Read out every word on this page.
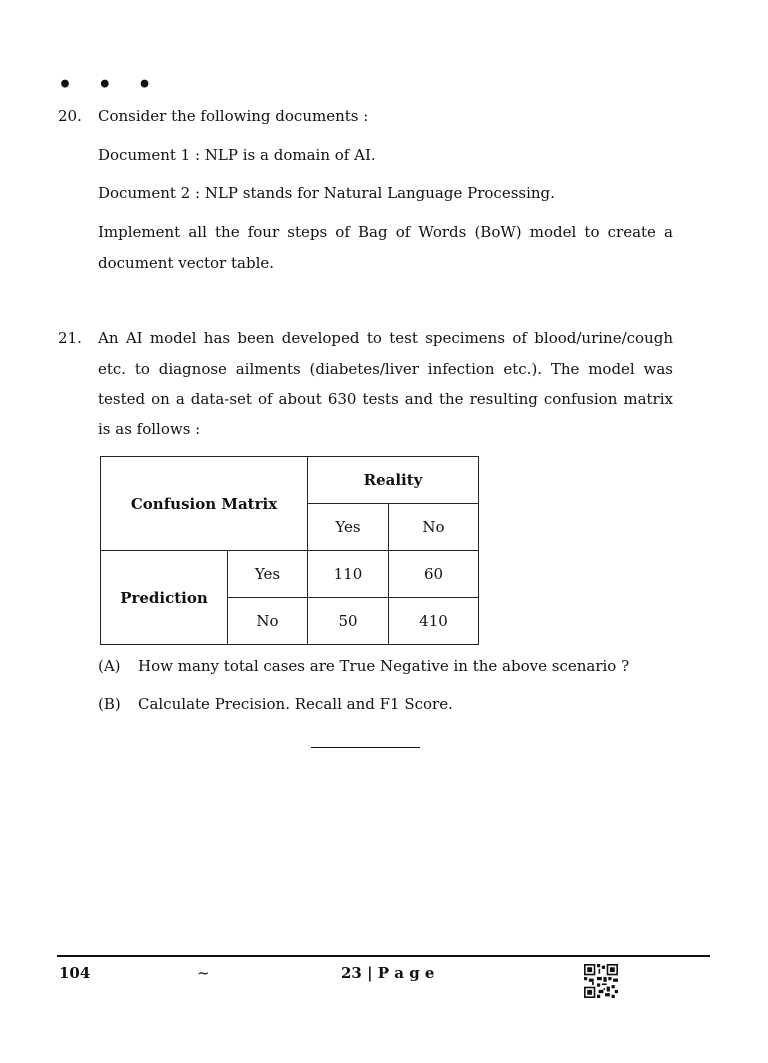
• • •
20. Consider the following documents :
Document 1 : NLP is a domain of AI.
Document 2 : NLP stands for Natural Language Processing.
Implement all the four steps of Bag of Words (BoW) model to create a
document vector table.
21. An AI model has been developed to test specimens of blood/urine/cough
etc. to diagnose ailments (diabetes/liver infection etc.). The model was
tested on a data-set of about 630 tests and the resulting confusion matrix
is as follows :
Confusion Matrix		Reality	
		Yes	No
Prediction	Yes	110	60
	No	50	410
(A) How many total cases are True Negative in the above scenario ?
(B) Calculate Precision. Recall and F1 Score.
104	~	23 | P a g e
